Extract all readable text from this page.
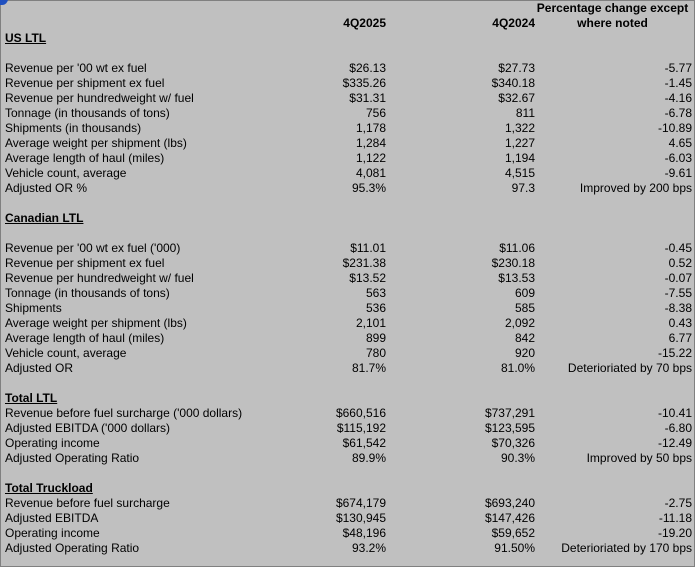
4Q2025	4Q2024
Percentage change except
where noted
US LTL
Revenue per '00 wt ex fuel	$26.13	$27.73	-5.77
Revenue per shipment ex fuel	$335.26	$340.18	-1.45
Revenue per hundredweight w/ fuel	$31.31	$32.67	-4.16
Tonnage (in thousands of tons)	756	811	-6.78
Shipments (in thousands)	1,178	1,322	-10.89
Average weight per shipment (lbs)	1,284	1,227	4.65
Average length of haul (miles)	1,122	1,194	-6.03
Vehicle count, average	4,081	4,515	-9.61
Adjusted OR %	95.3%	97.3	Improved by 200 bps
Canadian LTL
Revenue per '00 wt ex fuel ('000)	$11.01	$11.06	-0.45
Revenue per shipment ex fuel	$231.38	$230.18	0.52
Revenue per hundredweight w/ fuel	$13.52	$13.53	-0.07
Tonnage (in thousands of tons)	563	609	-7.55
Shipments	536	585	-8.38
Average weight per shipment (lbs)	2,101	2,092	0.43
Average length of haul (miles)	899	842	6.77
Vehicle count, average	780	920	-15.22
Adjusted OR	81.7%	81.0%	Deterioriated by 70 bps
Total LTL
Revenue before fuel surcharge ('000 dollars)	$660,516	$737,291	-10.41
Adjusted EBITDA ('000 dollars)	$115,192	$123,595	-6.80
Operating income	$61,542	$70,326	-12.49
Adjusted Operating Ratio	89.9%	90.3%	Improved by 50 bps
Total Truckload
Revenue before fuel surcharge	$674,179	$693,240	-2.75
Adjusted EBITDA	$130,945	$147,426	-11.18
Operating income	$48,196	$59,652	-19.20
Adjusted Operating Ratio	93.2%	91.50%	Deterioriated by 170 bps
